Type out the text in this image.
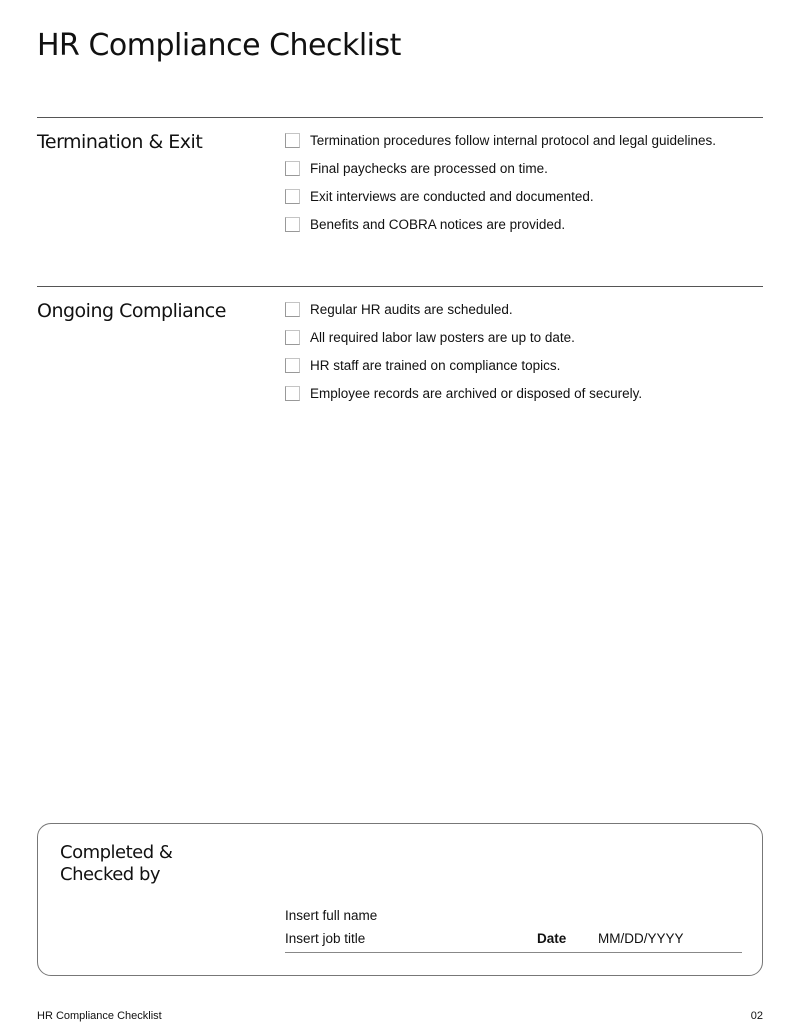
HR Compliance Checklist
Termination & Exit	Termination procedures follow internal protocol and legal guidelines.
Final paychecks are processed on time.
Exit interviews are conducted and documented.
Benefits and COBRA notices are provided.
Ongoing Compliance	Regular HR audits are scheduled.
All required labor law posters are up to date.
HR staff are trained on compliance topics.
Employee records are archived or disposed of securely.
Completed & Checked by
Insert full name
Insert job title	Date MM/DD/YYYY
HR Compliance Checklist	02
